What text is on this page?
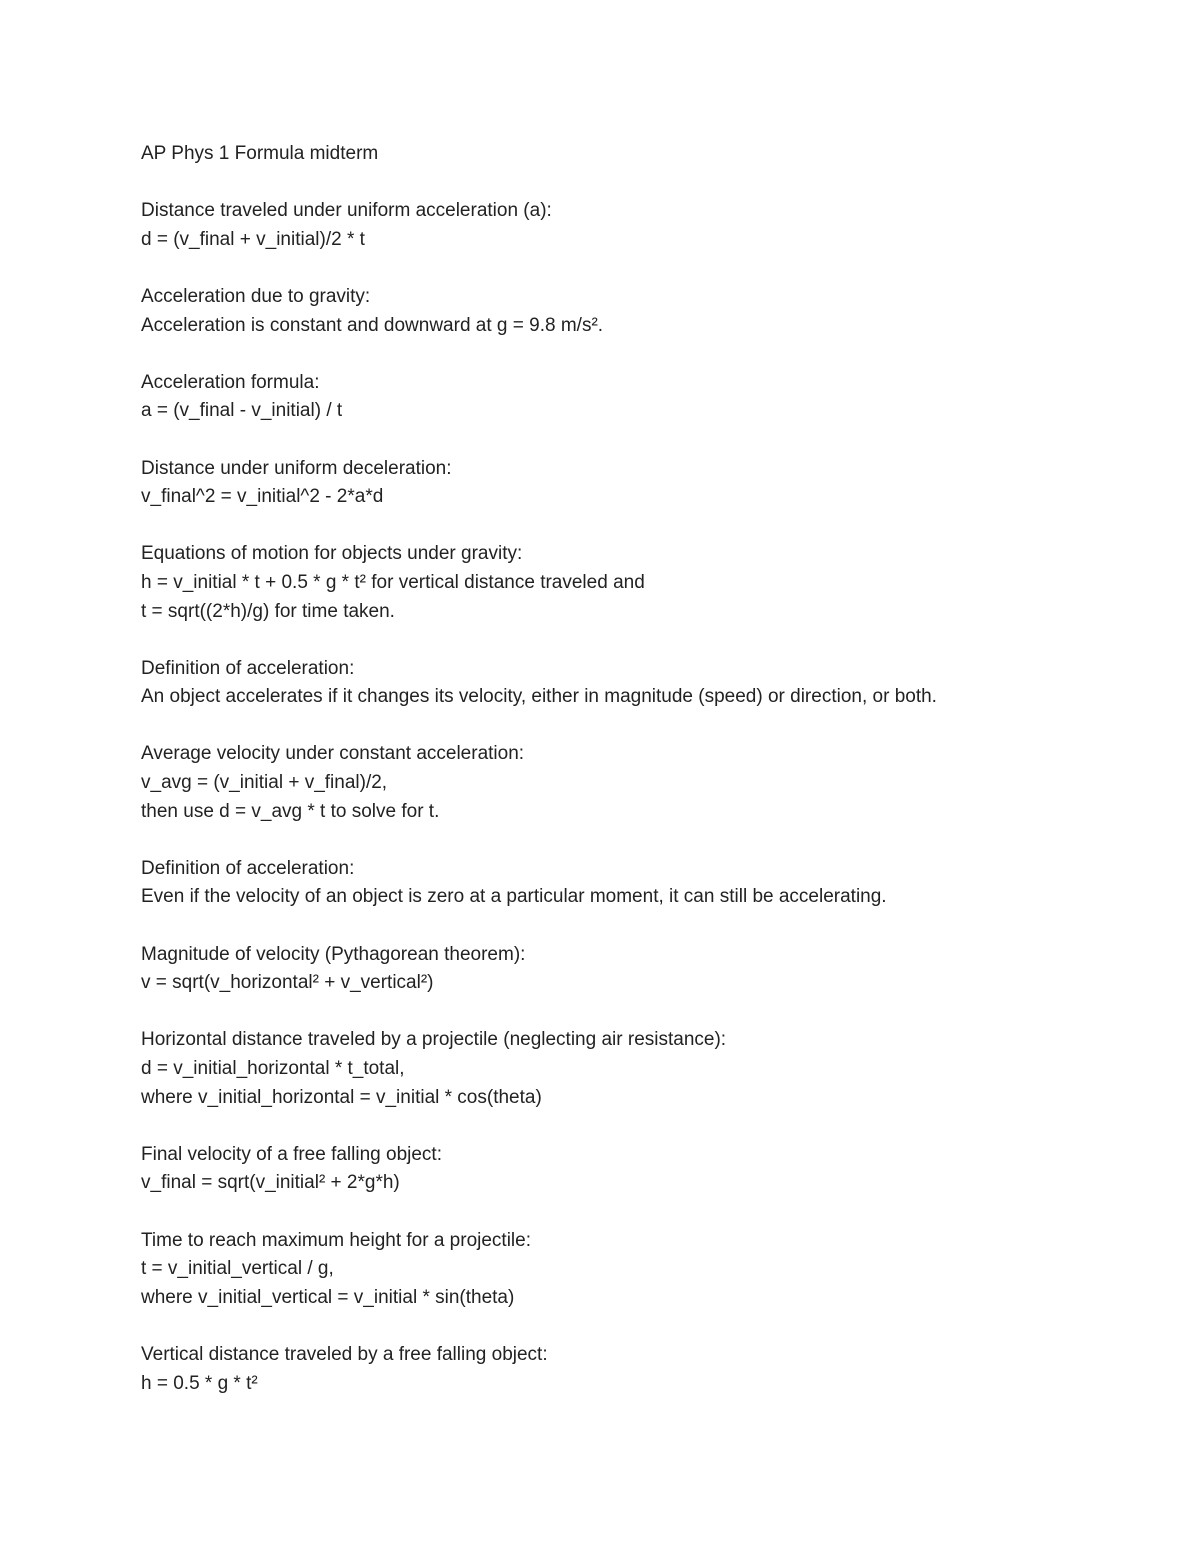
AP Phys 1 Formula midterm

Distance traveled under uniform acceleration (a):

d = (v_final + v_initial)/2 * t

Acceleration due to gravity:

Acceleration is constant and downward at g = 9.8 m/s².

Acceleration formula:

a = (v_final - v_initial) / t

Distance under uniform deceleration:

v_final^2 = v_initial^2 - 2*a*d

Equations of motion for objects under gravity:

h = v_initial * t + 0.5 * g * t² for vertical distance traveled and

t = sqrt((2*h)/g) for time taken.

Definition of acceleration:

An object accelerates if it changes its velocity, either in magnitude (speed) or direction, or both.

Average velocity under constant acceleration:

v_avg = (v_initial + v_final)/2,

then use d = v_avg * t to solve for t.

Definition of acceleration:

Even if the velocity of an object is zero at a particular moment, it can still be accelerating.

Magnitude of velocity (Pythagorean theorem):

v = sqrt(v_horizontal² + v_vertical²)

Horizontal distance traveled by a projectile (neglecting air resistance):

d = v_initial_horizontal * t_total,

where v_initial_horizontal = v_initial * cos(theta)

Final velocity of a free falling object:

v_final = sqrt(v_initial² + 2*g*h)

Time to reach maximum height for a projectile:

t = v_initial_vertical / g,

where v_initial_vertical = v_initial * sin(theta)

Vertical distance traveled by a free falling object:

h = 0.5 * g * t²
